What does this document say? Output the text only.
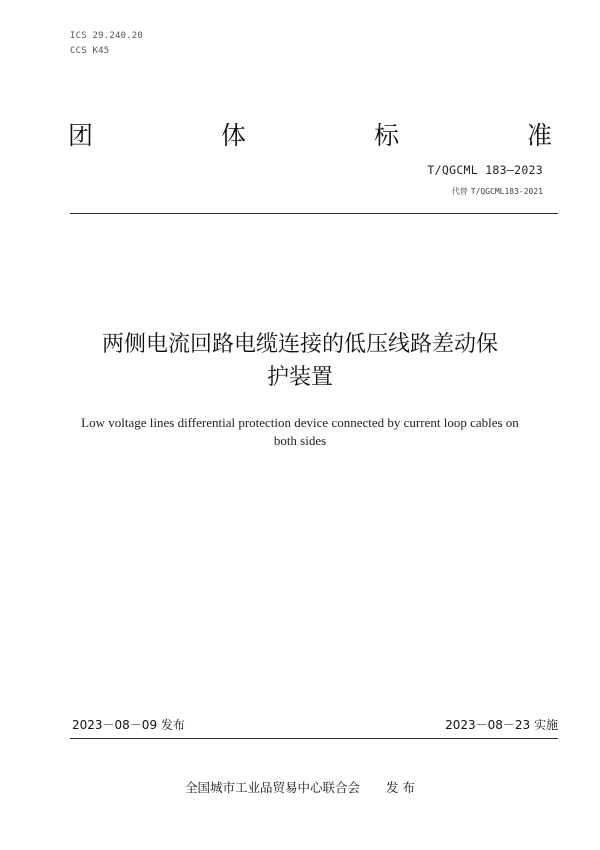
ICS 29.240.20
CCS K45
团	体	标	准
T/QGCML 183—2023
代替 T/QGCML183-2021
两侧电流回路电缆连接的低压线路差动保
护装置
Low voltage lines differential protection device connected by current loop cables on
both sides
2023－08－09 发布	2023－08－23 实施
全国城市工业品贸易中心联合会 发 布
